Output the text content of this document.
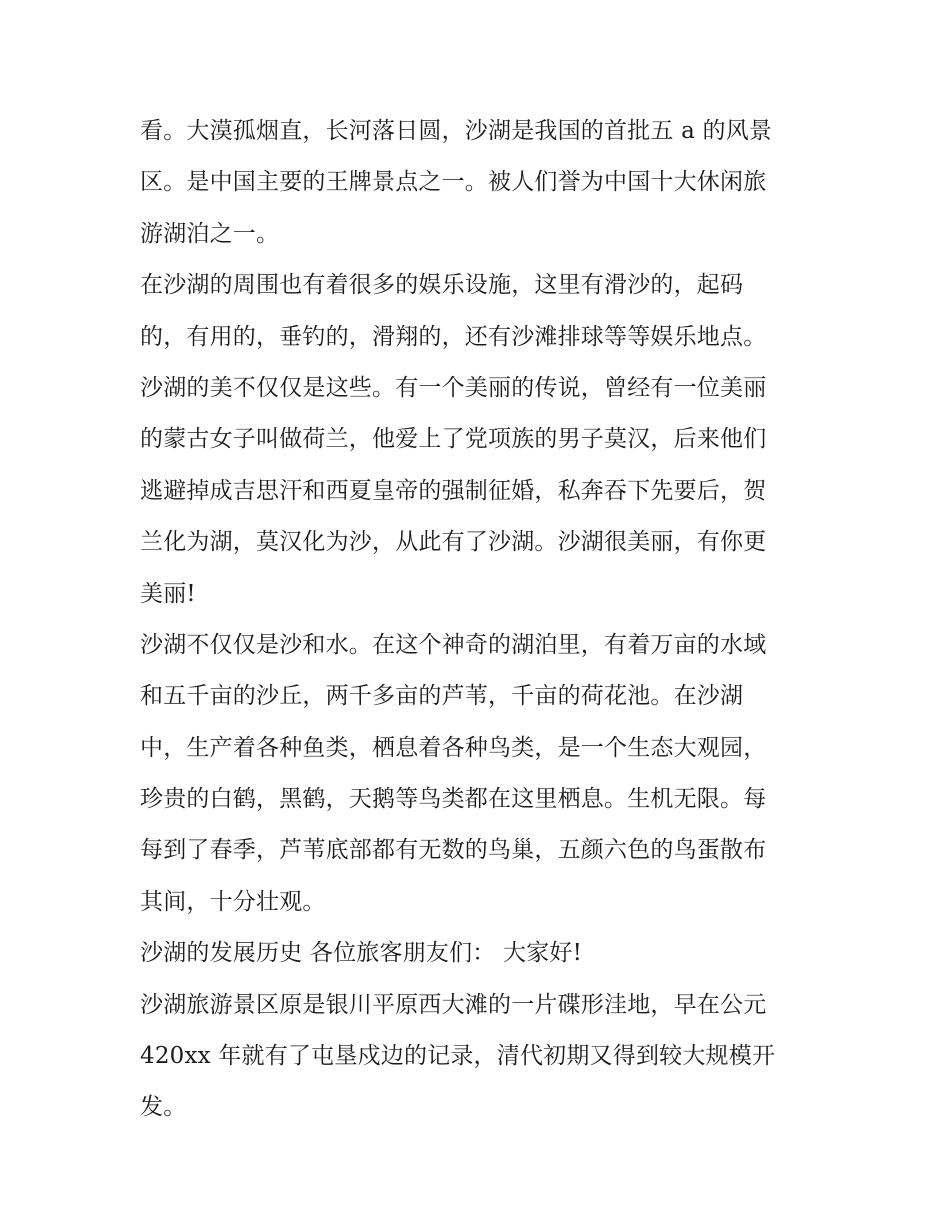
看。大漠孤烟直，长河落日圆，沙湖是我国的首批五 a 的风景
区。是中国主要的王牌景点之一。被人们誉为中国十大休闲旅
游湖泊之一。
在沙湖的周围也有着很多的娱乐设施，这里有滑沙的，起码
的，有用的，垂钓的，滑翔的，还有沙滩排球等等娱乐地点。
沙湖的美不仅仅是这些。有一个美丽的传说，曾经有一位美丽
的蒙古女子叫做荷兰，他爱上了党项族的男子莫汉，后来他们
逃避掉成吉思汗和西夏皇帝的强制征婚，私奔吞下先要后，贺
兰化为湖，莫汉化为沙，从此有了沙湖。沙湖很美丽，有你更
美丽!
沙湖不仅仅是沙和水。在这个神奇的湖泊里，有着万亩的水域
和五千亩的沙丘，两千多亩的芦苇，千亩的荷花池。在沙湖
中，生产着各种鱼类，栖息着各种鸟类，是一个生态大观园，
珍贵的白鹤，黑鹤，天鹅等鸟类都在这里栖息。生机无限。每
每到了春季，芦苇底部都有无数的鸟巢，五颜六色的鸟蛋散布
其间，十分壮观。
沙湖的发展历史 各位旅客朋友们： 大家好!
沙湖旅游景区原是银川平原西大滩的一片碟形洼地，早在公元
420xx 年就有了屯垦戍边的记录，清代初期又得到较大规模开
发。
